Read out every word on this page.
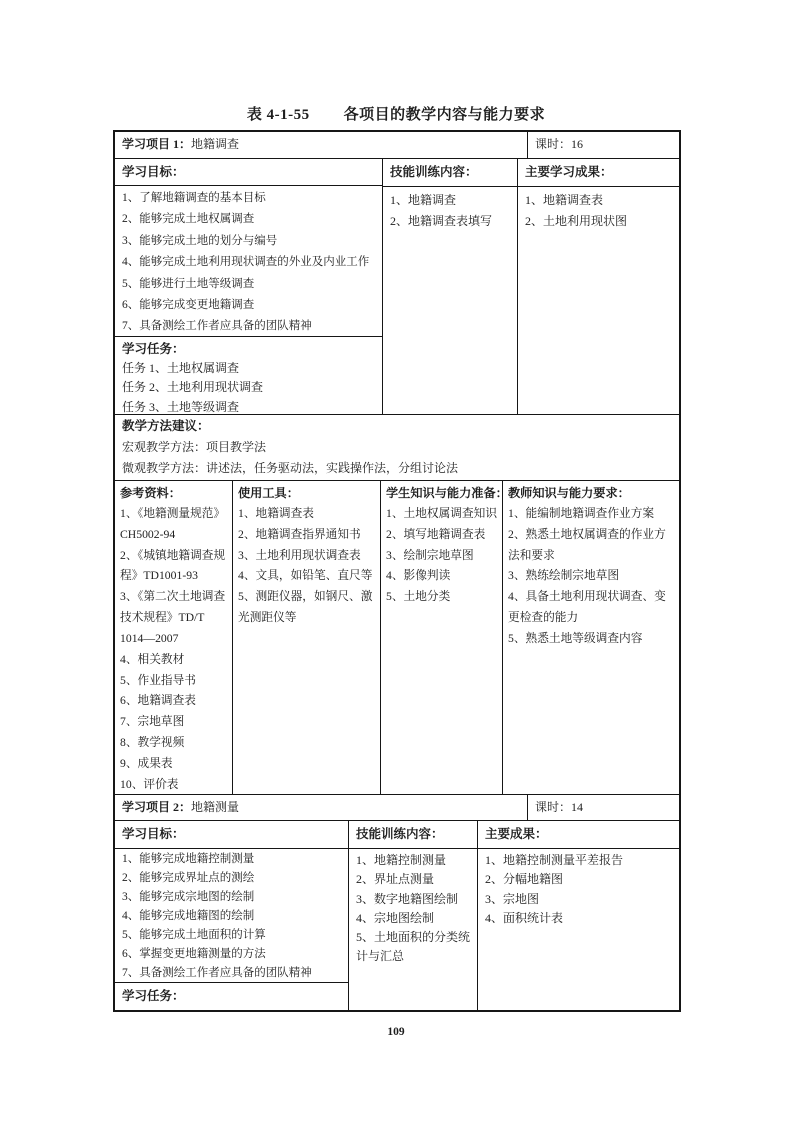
表 4-1-55 各项目的教学内容与能力要求
学习项目 1：地籍调查	课时：16
学习目标：
1、了解地籍调查的基本目标
2、能够完成土地权属调查
3、能够完成土地的划分与编号
4、能够完成土地利用现状调查的外业及内业工作
5、能够进行土地等级调查
6、能够完成变更地籍调查
7、具备测绘工作者应具备的团队精神
学习任务：
任务 1、土地权属调查
任务 2、土地利用现状调查
任务 3、土地等级调查
技能训练内容：
1、地籍调查
2、地籍调查表填写
主要学习成果：
1、地籍调查表
2、土地利用现状图
教学方法建议：
宏观教学方法：项目教学法
微观教学方法：讲述法，任务驱动法，实践操作法，分组讨论法
参考资料：
1、《地籍测量规范》CH5002-94
2、《城镇地籍调查规程》TD1001-93
3、《第二次土地调查技术规程》TD/T 1014—2007
4、相关教材
5、作业指导书
6、地籍调查表
7、宗地草图
8、教学视频
9、成果表
10、评价表
使用工具：
1、地籍调查表
2、地籍调查指界通知书
3、土地利用现状调查表
4、文具，如铅笔、直尺等
5、测距仪器，如钢尺、激光测距仪等
学生知识与能力准备：
1、土地权属调查知识
2、填写地籍调查表
3、绘制宗地草图
4、影像判读
5、土地分类
教师知识与能力要求：
1、能编制地籍调查作业方案
2、熟悉土地权属调查的作业方法和要求
3、熟练绘制宗地草图
4、具备土地利用现状调查、变更检查的能力
5、熟悉土地等级调查内容
学习项目 2：地籍测量	课时：14
学习目标：
1、能够完成地籍控制测量
2、能够完成界址点的测绘
3、能够完成宗地图的绘制
4、能够完成地籍图的绘制
5、能够完成土地面积的计算
6、掌握变更地籍测量的方法
7、具备测绘工作者应具备的团队精神
学习任务：
技能训练内容：
1、地籍控制测量
2、界址点测量
3、数字地籍图绘制
4、宗地图绘制
5、土地面积的分类统计与汇总
主要成果：
1、地籍控制测量平差报告
2、分幅地籍图
3、宗地图
4、面积统计表
109
